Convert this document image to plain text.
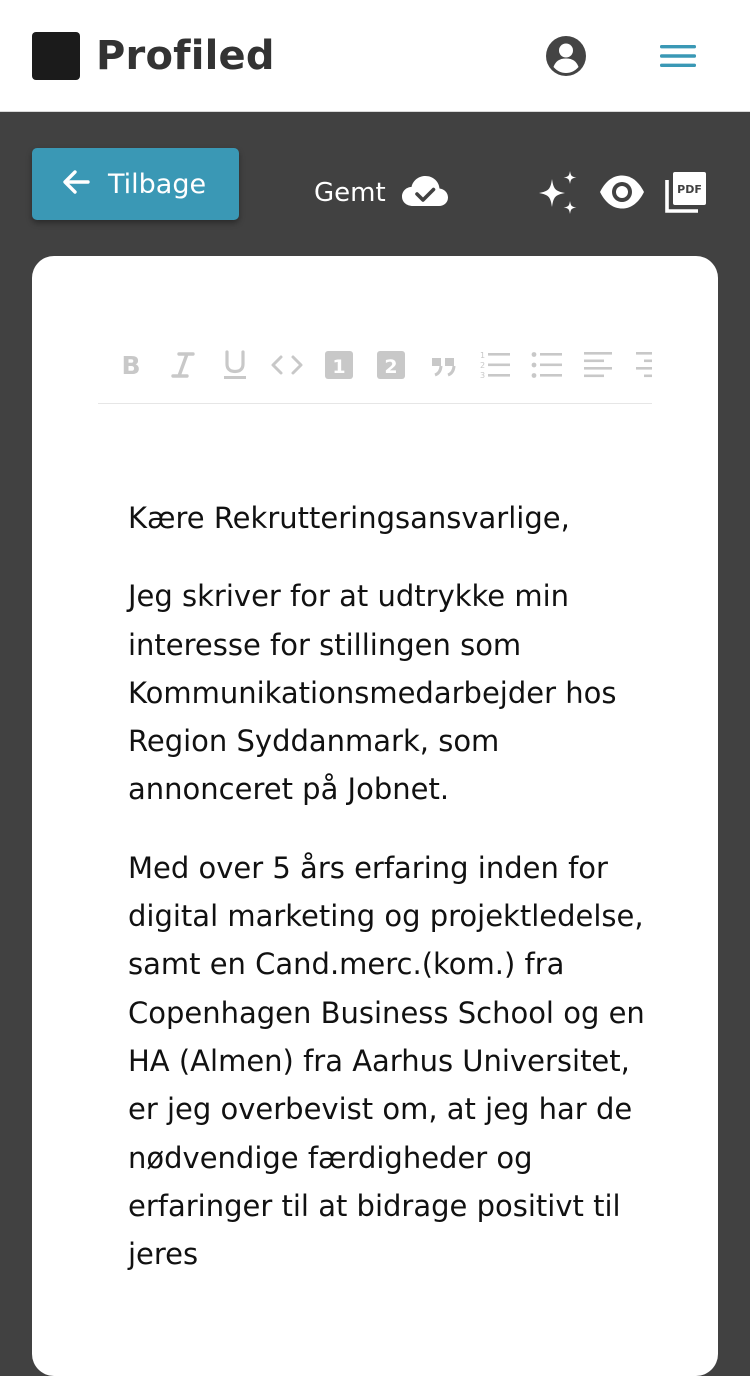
Profiled
Tilbage	Gemt	PDF
B	1 2
1
2
3

Kære Rekrutteringsansvarlige,

Jeg skriver for at udtrykke min interesse for stillingen som Kommunikationsmedarbejder hos Region Syddanmark, som annonceret på Jobnet.

Med over 5 års erfaring inden for digital marketing og projektledelse, samt en Cand.merc.(kom.) fra Copenhagen Business School og en HA (Almen) fra Aarhus Universitet, er jeg overbevist om, at jeg har de nødvendige færdigheder og erfaringer til at bidrage positivt til jeres
